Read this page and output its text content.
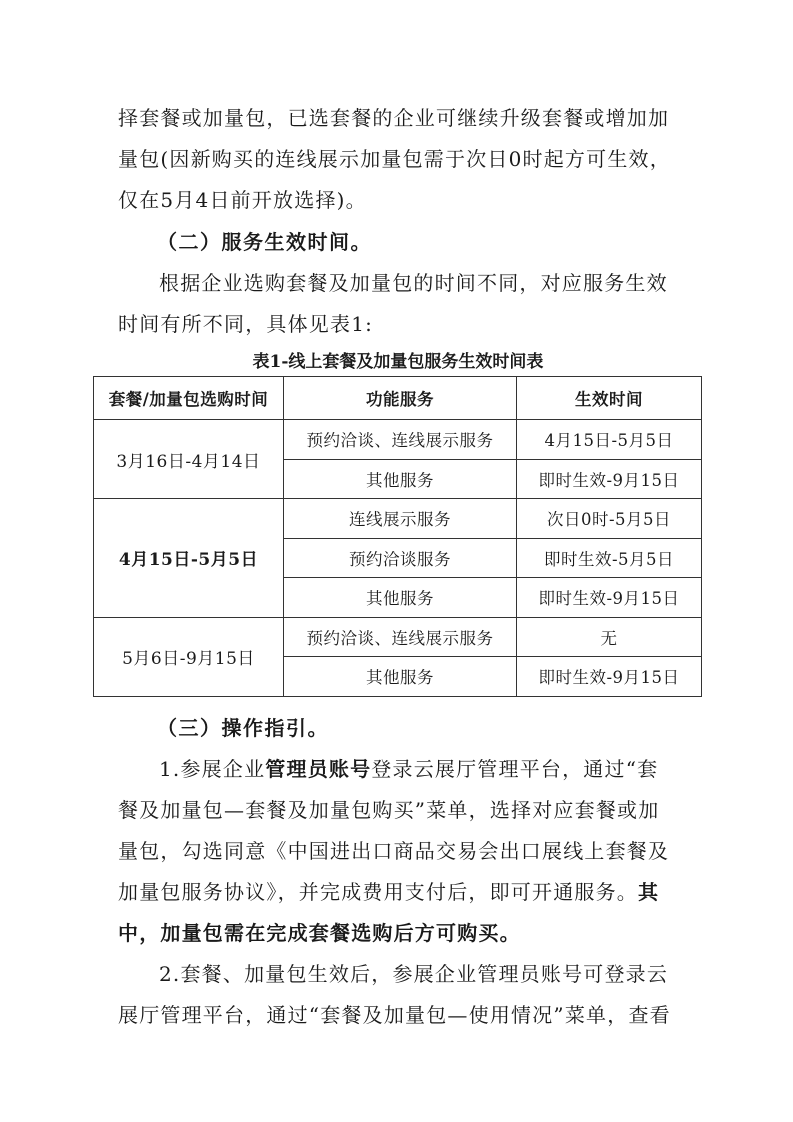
择套餐或加量包，已选套餐的企业可继续升级套餐或增加加量包(因新购买的连线展示加量包需于次日0时起方可生效，仅在5月4日前开放选择)。

（二）服务生效时间。

根据企业选购套餐及加量包的时间不同，对应服务生效时间有所不同，具体见表1:

表1-线上套餐及加量包服务生效时间表

套餐/加量包选购时间	功能服务	生效时间
3月16日-4月14日	预约洽谈、连线展示服务	4月15日-5月5日
	其他服务	即时生效-9月15日
4月15日-5月5日	连线展示服务	次日0时-5月5日
	预约洽谈服务	即时生效-5月5日
	其他服务	即时生效-9月15日
5月6日-9月15日	预约洽谈、连线展示服务	无
	其他服务	即时生效-9月15日

（三）操作指引。

1.参展企业管理员账号登录云展厅管理平台，通过“套餐及加量包—套餐及加量包购买”菜单，选择对应套餐或加量包，勾选同意《中国进出口商品交易会出口展线上套餐及加量包服务协议》，并完成费用支付后，即可开通服务。其中，加量包需在完成套餐选购后方可购买。

2.套餐、加量包生效后，参展企业管理员账号可登录云展厅管理平台，通过“套餐及加量包—使用情况”菜单，查看
